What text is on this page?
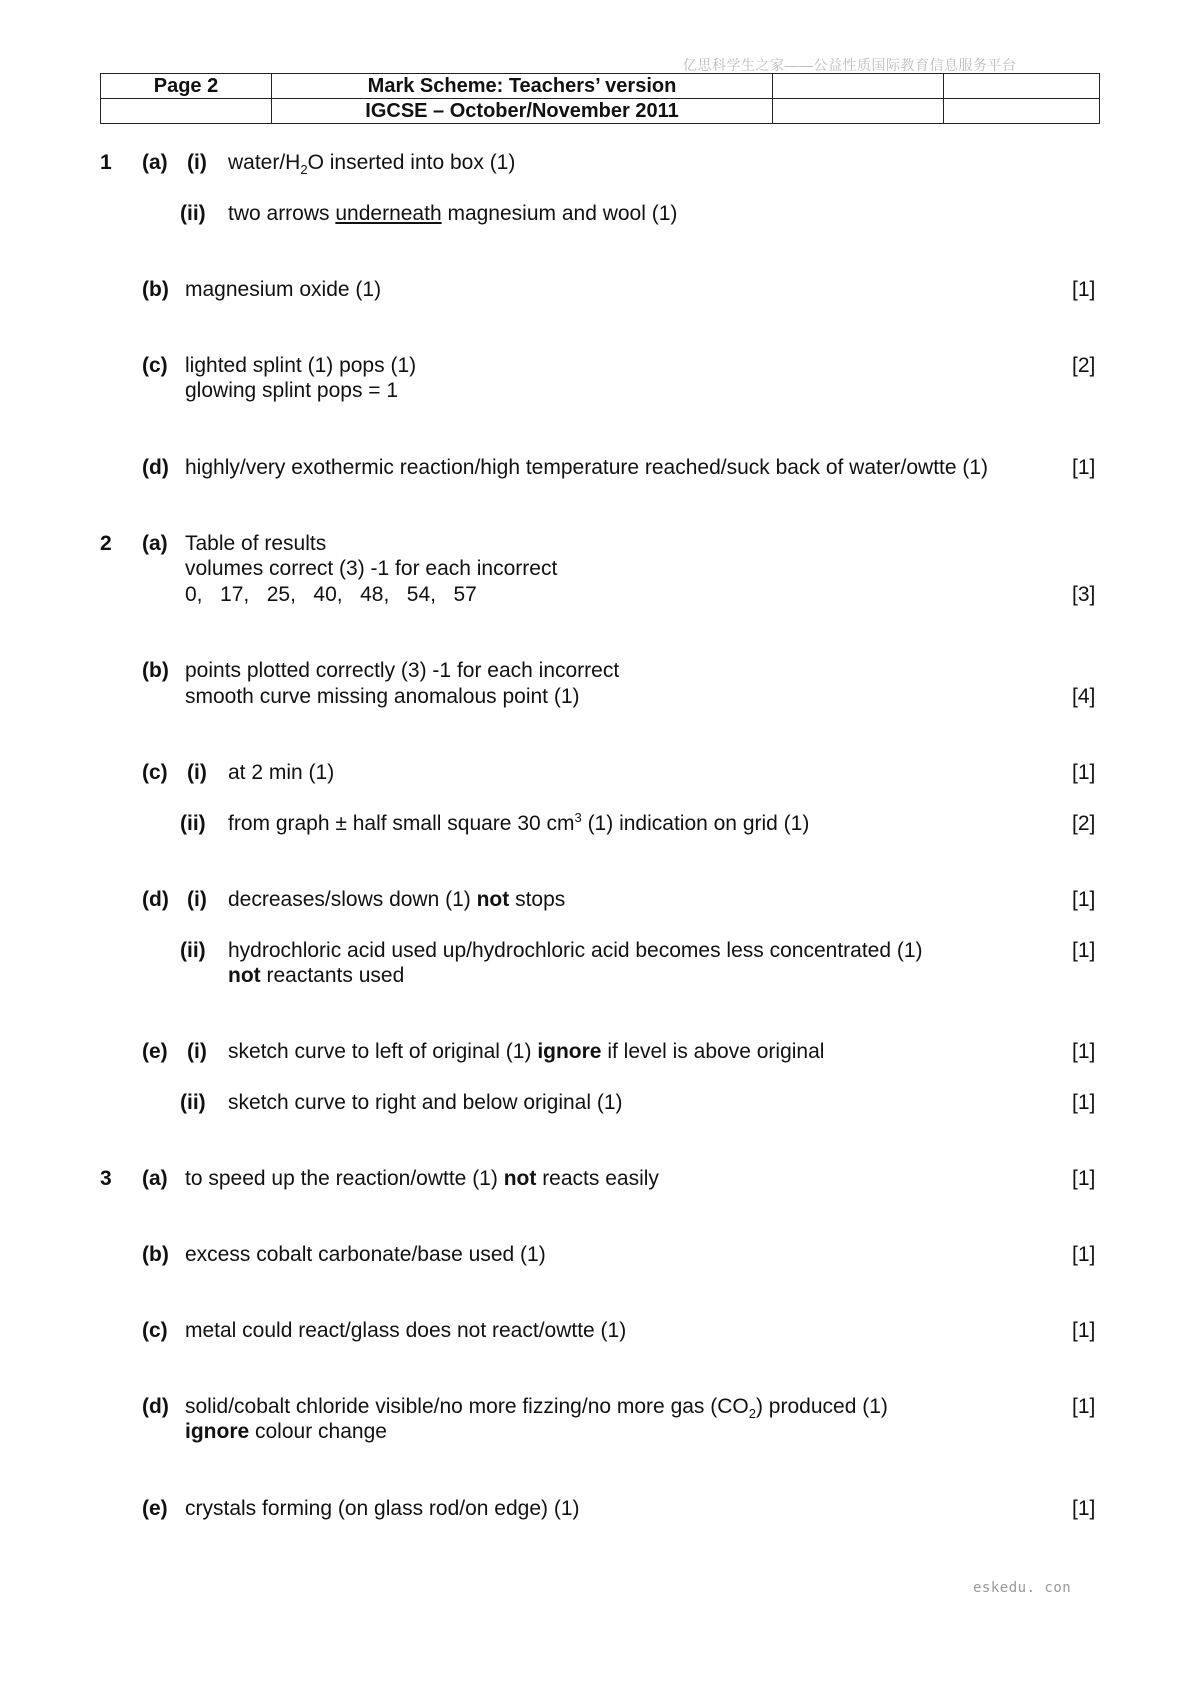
亿思科学生之家——公益性质国际教育信息服务平台
Page 2	Mark Scheme: Teachers’ version		
	IGCSE – October/November 2011		
1 (a) (i) water/$H_2O$ inserted into box (1)
(ii) two arrows underneath magnesium and wool (1)
(b) magnesium oxide (1)	[1]
(c) lighted splint (1) pops (1)	[2]
glowing splint pops = 1
(d) highly/very exothermic reaction/high temperature reached/suck back of water/owtte (1)	[1]
2 (a) Table of results
volumes correct (3) -1 for each incorrect
0,   17,   25,   40,   48,   54,   57	[3]
(b) points plotted correctly (3) -1 for each incorrect
smooth curve missing anomalous point (1)	[4]
(c) (i) at 2 min (1)	[1]
(ii) from graph ± half small square 30 $cm^3$ (1) indication on grid (1)	[2]
(d) (i) decreases/slows down (1) not stops	[1]
(ii) hydrochloric acid used up/hydrochloric acid becomes less concentrated (1)	[1]
not reactants used
(e) (i) sketch curve to left of original (1) ignore if level is above original	[1]
(ii) sketch curve to right and below original (1)	[1]
3 (a) to speed up the reaction/owtte (1) not reacts easily	[1]
(b) excess cobalt carbonate/base used (1)	[1]
(c) metal could react/glass does not react/owtte (1)	[1]
(d) solid/cobalt chloride visible/no more fizzing/no more gas $(CO_2)$ produced (1)	[1]
ignore colour change
(e) crystals forming (on glass rod/on edge) (1)	[1]
eskedu. con
